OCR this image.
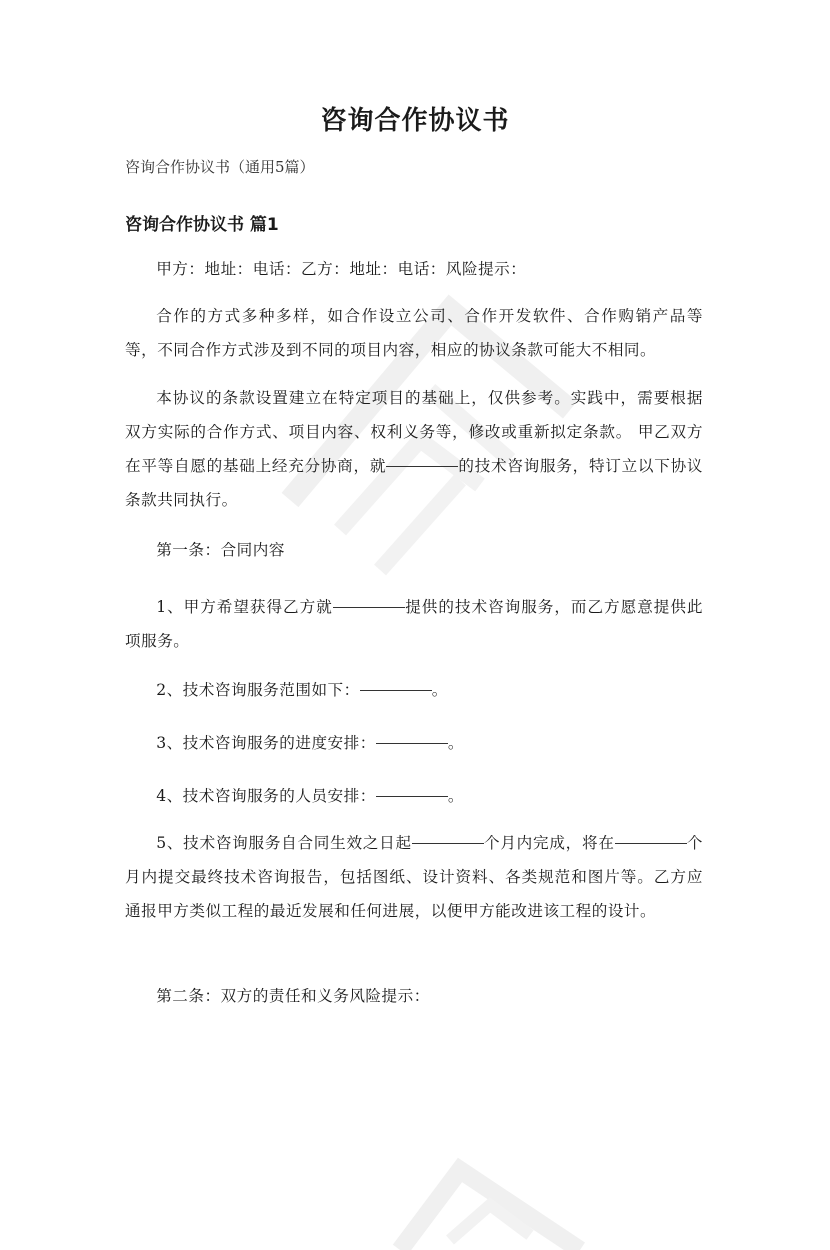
咨询合作协议书

咨询合作协议书（通用5篇）

咨询合作协议书 篇1

甲方：地址：电话：乙方：地址：电话：风险提示：

合作的方式多种多样，如合作设立公司、合作开发软件、合作购销产品等等，不同合作方式涉及到不同的项目内容，相应的协议条款可能大不相同。

本协议的条款设置建立在特定项目的基础上，仅供参考。实践中，需要根据双方实际的合作方式、项目内容、权利义务等，修改或重新拟定条款。 甲乙双方在平等自愿的基础上经充分协商，就	的技术咨询服务，特订立以下协议条款共同执行。

第一条：合同内容

1、甲方希望获得乙方就	提供的技术咨询服务，而乙方愿意提供此项服务。

2、技术咨询服务范围如下：	。

3、技术咨询服务的进度安排：	。

4、技术咨询服务的人员安排：	。

5、技术咨询服务自合同生效之日起	个月内完成，将在	个月内提交最终技术咨询报告，包括图纸、设计资料、各类规范和图片等。乙方应通报甲方类似工程的最近发展和任何进展，以便甲方能改进该工程的设计。

第二条：双方的责任和义务风险提示：
